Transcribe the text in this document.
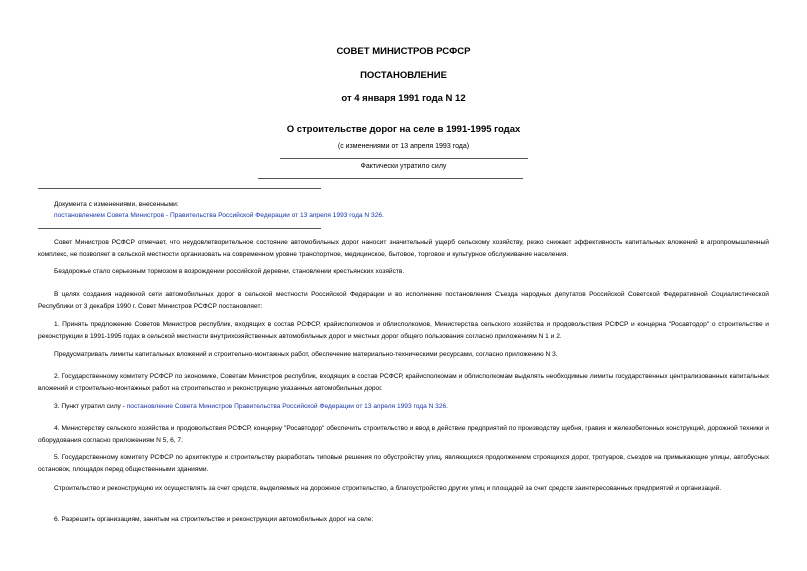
СОВЕТ МИНИСТРОВ РСФСР
ПОСТАНОВЛЕНИЕ
от 4 января 1991 года N 12
О строительстве дорог на селе в 1991-1995 годах
(с изменениями от 13 апреля 1993 года)
Фактически утратило силу
Документа с изменениями, внесенными:
постановлением Совета Министров - Правительства Российской Федерации от 13 апреля 1993 года N 326.
Совет Министров РСФСР отмечает, что неудовлетворительное состояние автомобильных дорог наносит значительный ущерб сельскому хозяйству, резко снижает эффективность капитальных вложений в агропромышленный комплекс, не позволяет в сельской местности организовать на современном уровне транспортное, медицинское, бытовое, торговое и культурное обслуживание населения.
Бездорожье стало серьезным тормозом в возрождении российской деревни, становлении крестьянских хозяйств.
В целях создания надежной сети автомобильных дорог в сельской местности Российской Федерации и во исполнение постановления Съезда народных депутатов Российской Советской Федеративной Социалистической Республики от 3 декабря 1990 г. Совет Министров РСФСР постановляет:
1. Принять предложение Советов Министров республик, входящих в состав РСФСР, крайисполкомов и облисполкомов, Министерства сельского хозяйства и продовольствия РСФСР и концерна "Росавтодор" о строительстве и реконструкции в 1991-1995 годах в сельской местности внутрихозяйственных автомобильных дорог и местных дорог общего пользования согласно приложениям N 1 и 2.
Предусматривать лимиты капитальных вложений и строительно-монтажных работ, обеспечение материально-техническими ресурсами, согласно приложению N 3.
2. Государственному комитету РСФСР по экономике, Советам Министров республик, входящих в состав РСФСР, крайисполкомам и облисполкомам выделять необходимые лимиты государственных централизованных капитальных вложений и строительно-монтажных работ на строительство и реконструкцию указанных автомобильных дорог.
3. Пункт утратил силу - постановление Совета Министров Правительства Российской Федерации от 13 апреля 1993 года N 326.
4. Министерству сельского хозяйства и продовольствия РСФСР, концерну "Росавтодор" обеспечить строительство и ввод в действие предприятий по производству щебня, гравия и железобетонных конструкций, дорожной техники и оборудования согласно приложениям N 5, 6, 7.
5. Государственному комитету РСФСР по архитектуре и строительству разработать типовые решения по обустройству улиц, являющихся продолжением строящихся дорог, тротуаров, съездов на примыкающие улицы, автобусных остановок, площадок перед общественными зданиями.
Строительство и реконструкцию их осуществлять за счет средств, выделяемых на дорожное строительство, а благоустройство других улиц и площадей за счет средств заинтересованных предприятий и организаций.
6. Разрешить организациям, занятым на строительстве и реконструкции автомобильных дорог на селе:
